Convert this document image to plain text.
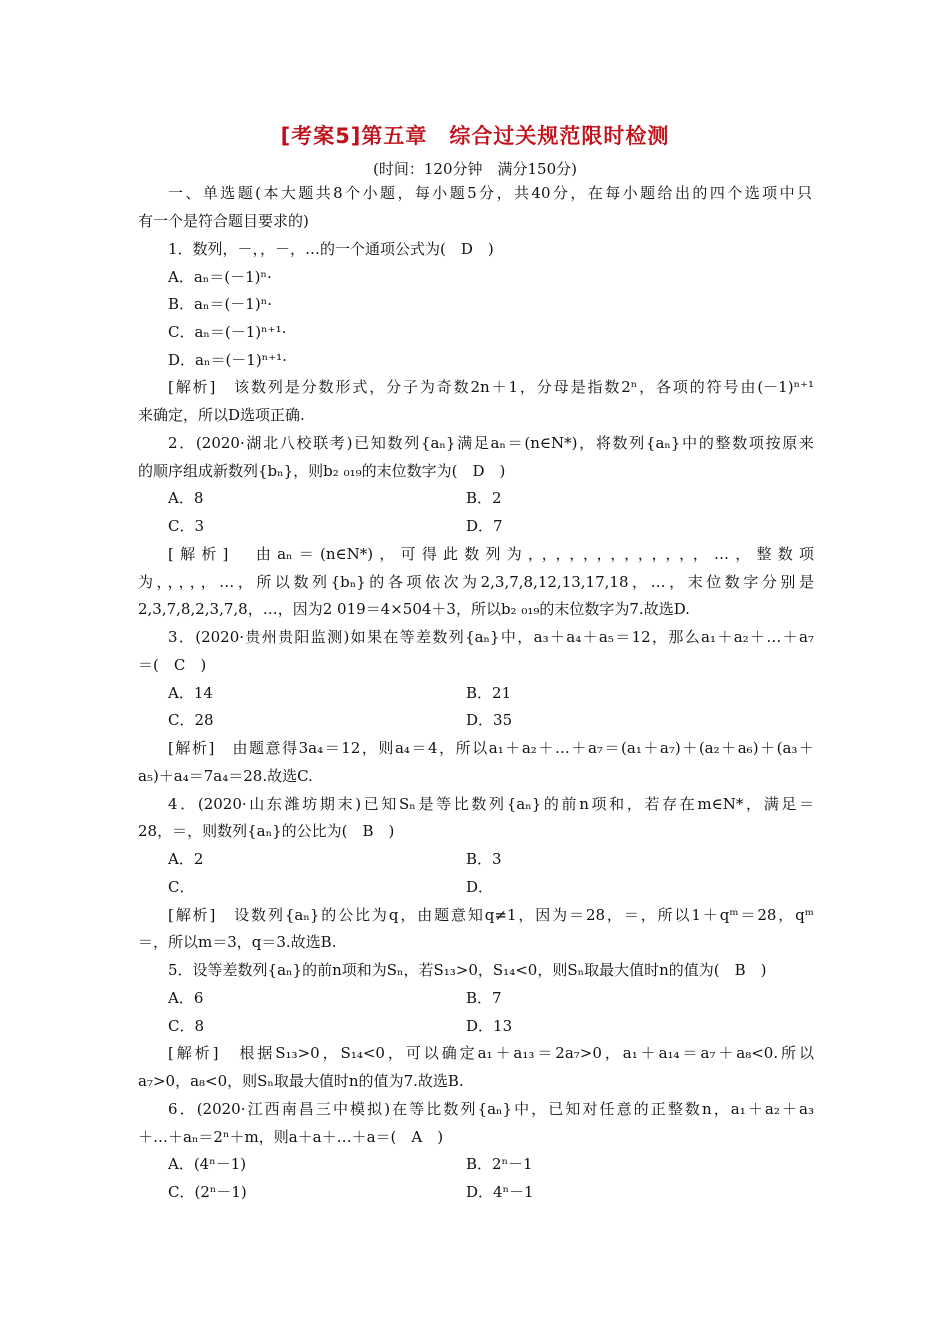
[考案5]第五章　综合过关规范限时检测
(时间：120分钟　满分150分)
一、单选题(本大题共8个小题，每小题5分，共40分，在每小题给出的四个选项中只
有一个是符合题目要求的)
1．数列，－，，－，…的一个通项公式为(　D　)
A．aₙ＝(－1)ⁿ·
B．aₙ＝(－1)ⁿ·
C．aₙ＝(－1)ⁿ⁺¹·
D．aₙ＝(－1)ⁿ⁺¹·
[解析]　该数列是分数形式，分子为奇数2n＋1，分母是指数2ⁿ，各项的符号由(－1)ⁿ⁺¹
来确定，所以D选项正确.
2．(2020·湖北八校联考)已知数列{aₙ}满足aₙ＝(n∈N*)，将数列{aₙ}中的整数项按原来
的顺序组成新数列{bₙ}，则b₂ ₀₁₉的末位数字为(　D　)
A．8	B．2
C．3	D．7
[解析]　由aₙ＝(n∈N*)，可得此数列为，，，，，，，，，，，，，…，整数项
为，，，，，…，所以数列{bₙ}的各项依次为2,3,7,8,12,13,17,18，…，末位数字分别是
2,3,7,8,2,3,7,8，…，因为2 019＝4×504＋3，所以b₂ ₀₁₉的末位数字为7.故选D.
3．(2020·贵州贵阳监测)如果在等差数列{aₙ}中，a₃＋a₄＋a₅＝12，那么a₁＋a₂＋…＋a₇
＝(　C　)
A．14	B．21
C．28	D．35
[解析]　由题意得3a₄＝12，则a₄＝4，所以a₁＋a₂＋…＋a₇＝(a₁＋a₇)＋(a₂＋a₆)＋(a₃＋
a₅)＋a₄＝7a₄＝28.故选C.
4．(2020·山东潍坊期末)已知Sₙ是等比数列{aₙ}的前n项和，若存在m∈N*，满足＝
28，＝，则数列{aₙ}的公比为(　B　)
A．2	B．3
C．	D．
[解析]　设数列{aₙ}的公比为q，由题意知q≠1，因为＝28，＝，所以1＋qᵐ＝28，qᵐ
＝，所以m＝3，q＝3.故选B.
5．设等差数列{aₙ}的前n项和为Sₙ，若S₁₃>0，S₁₄<0，则Sₙ取最大值时n的值为(　B　)
A．6	B．7
C．8	D．13
[解析]　根据S₁₃>0，S₁₄<0，可以确定a₁＋a₁₃＝2a₇>0，a₁＋a₁₄＝a₇＋a₈<0.所以
a₇>0，a₈<0，则Sₙ取最大值时n的值为7.故选B.
6．(2020·江西南昌三中模拟)在等比数列{aₙ}中，已知对任意的正整数n，a₁＋a₂＋a₃
＋…＋aₙ＝2ⁿ＋m，则a＋a＋…＋a＝(　A　)
A．(4ⁿ－1)	B．2ⁿ－1
C．(2ⁿ－1)	D．4ⁿ－1
